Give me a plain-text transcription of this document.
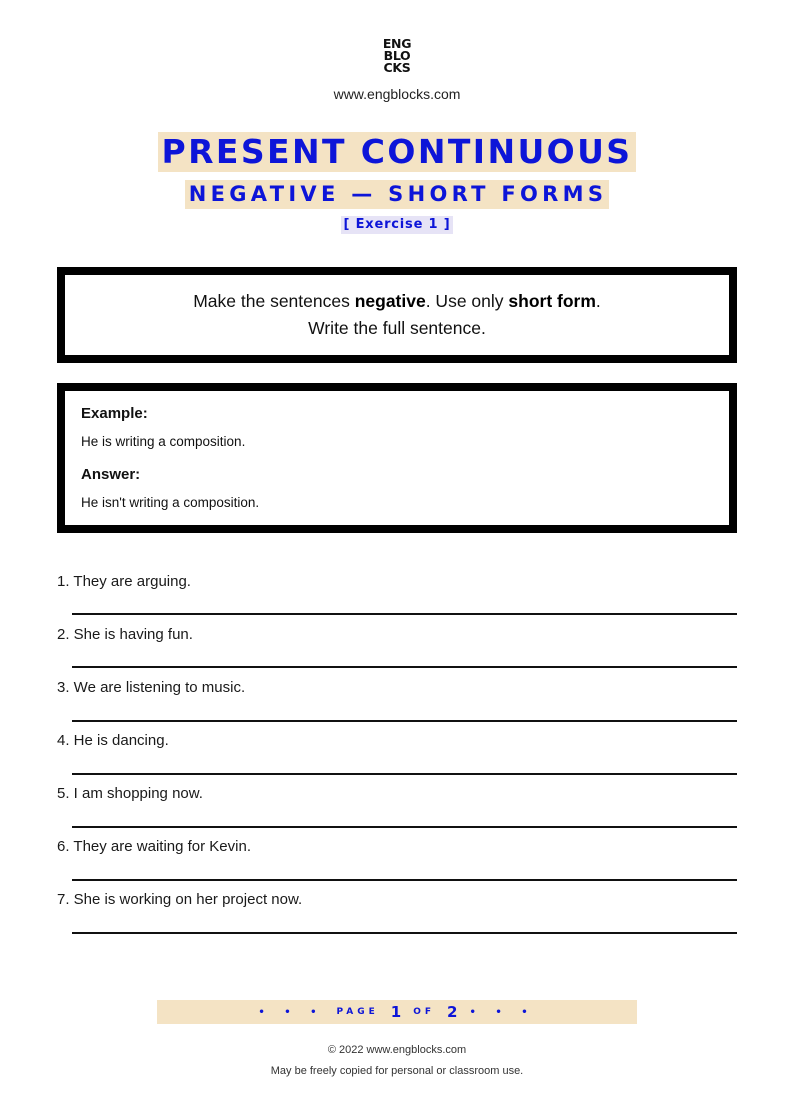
ENG
BLO
CKS
www.engblocks.com
PRESENT CONTINUOUS
NEGATIVE — SHORT FORMS
[ Exercise 1 ]
Make the sentences negative. Use only short form.
Write the full sentence.
Example:
He is writing a composition.
Answer:
He isn't writing a composition.
1. They are arguing.
2. She is having fun.
3. We are listening to music.
4. He is dancing.
5. I am shopping now.
6. They are waiting for Kevin.
7. She is working on her project now.
• • • PAGE 1 OF 2 • • •
© 2022 www.engblocks.com
May be freely copied for personal or classroom use.
